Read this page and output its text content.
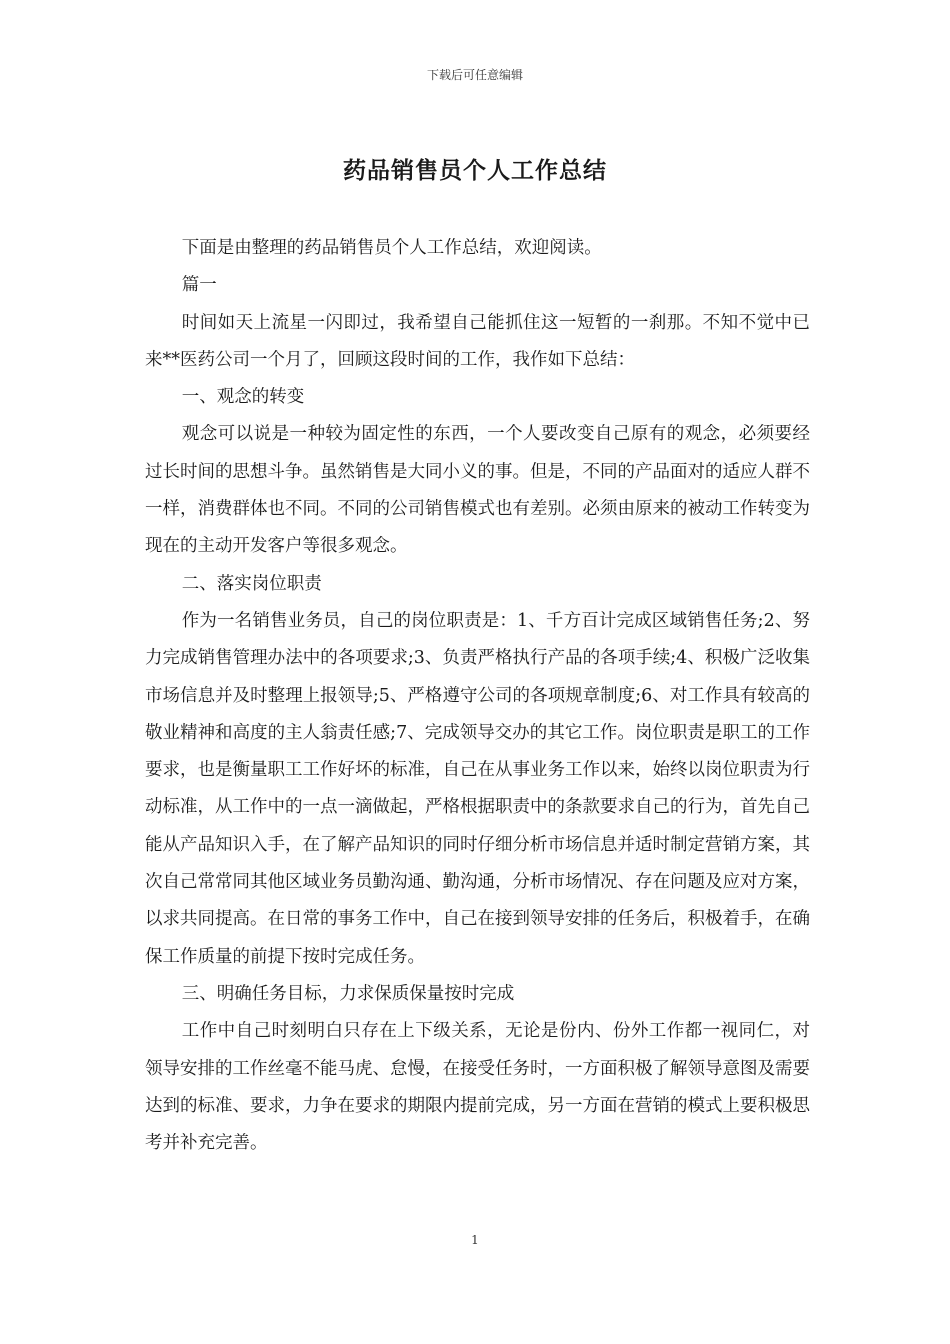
下载后可任意编辑
药品销售员个人工作总结

下面是由整理的药品销售员个人工作总结，欢迎阅读。

篇一

时间如天上流星一闪即过，我希望自己能抓住这一短暂的一刹那。不知不觉中已来**医药公司一个月了，回顾这段时间的工作，我作如下总结：

一、观念的转变

观念可以说是一种较为固定性的东西，一个人要改变自己原有的观念，必须要经过长时间的思想斗争。虽然销售是大同小义的事。但是，不同的产品面对的适应人群不一样，消费群体也不同。不同的公司销售模式也有差别。必须由原来的被动工作转变为现在的主动开发客户等很多观念。

二、落实岗位职责

作为一名销售业务员，自己的岗位职责是：1、千方百计完成区域销售任务;2、努力完成销售管理办法中的各项要求;3、负责严格执行产品的各项手续;4、积极广泛收集市场信息并及时整理上报领导;5、严格遵守公司的各项规章制度;6、对工作具有较高的敬业精神和高度的主人翁责任感;7、完成领导交办的其它工作。岗位职责是职工的工作要求，也是衡量职工工作好坏的标准，自己在从事业务工作以来，始终以岗位职责为行动标准，从工作中的一点一滴做起，严格根据职责中的条款要求自己的行为，首先自己能从产品知识入手，在了解产品知识的同时仔细分析市场信息并适时制定营销方案，其次自己常常同其他区域业务员勤沟通、勤沟通，分析市场情况、存在问题及应对方案，以求共同提高。在日常的事务工作中，自己在接到领导安排的任务后，积极着手，在确保工作质量的前提下按时完成任务。

三、明确任务目标，力求保质保量按时完成

工作中自己时刻明白只存在上下级关系，无论是份内、份外工作都一视同仁，对领导安排的工作丝毫不能马虎、怠慢，在接受任务时，一方面积极了解领导意图及需要达到的标准、要求，力争在要求的期限内提前完成，另一方面在营销的模式上要积极思考并补充完善。

1
